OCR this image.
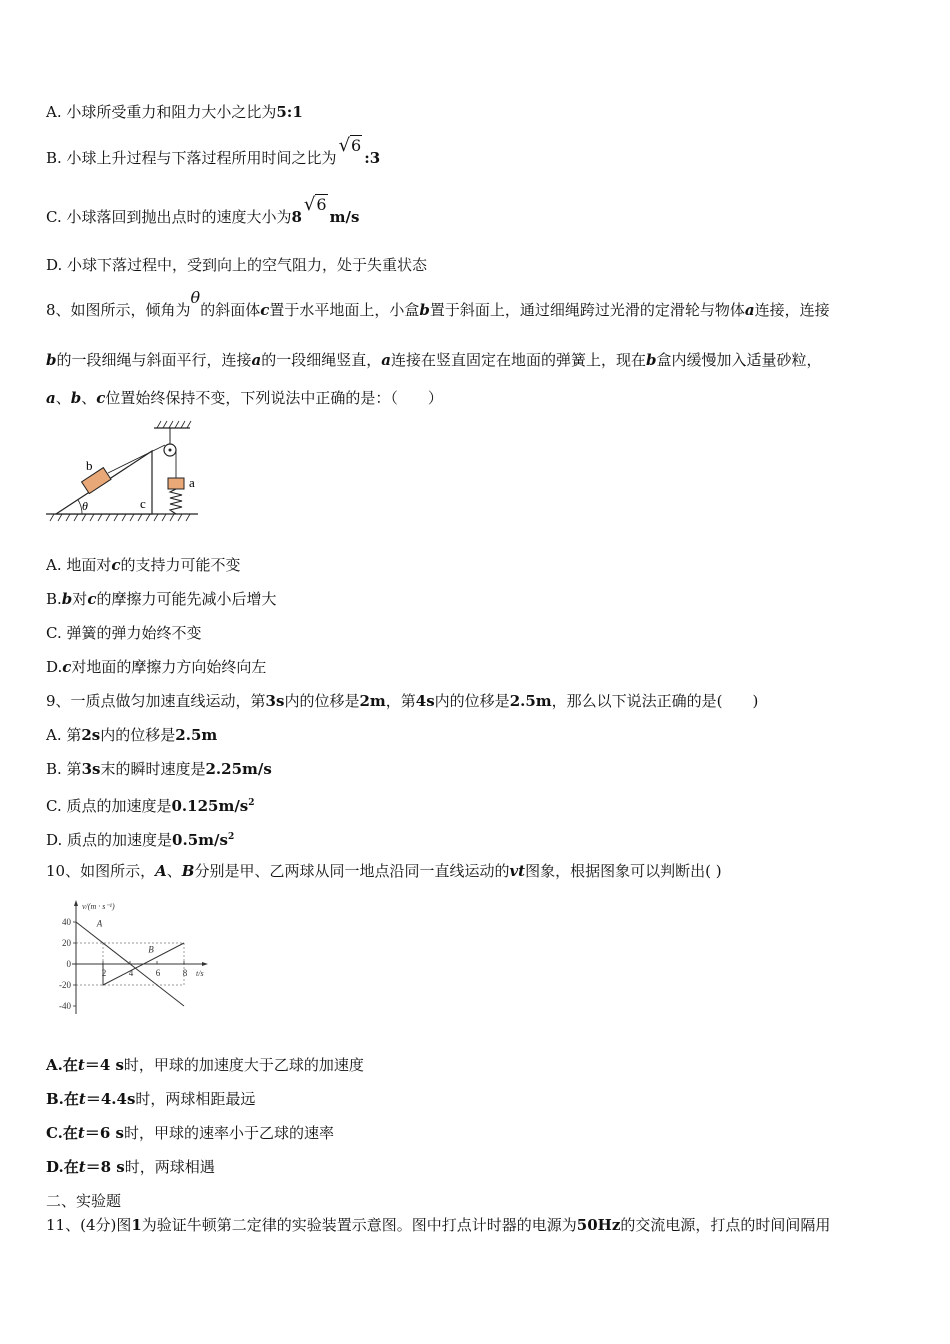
A. 小球所受重力和阻力大小之比为5:1
B. 小球上升过程与下落过程所用时间之比为√6:3
C. 小球落回到抛出点时的速度大小为8√6m/s
D. 小球下落过程中，受到向上的空气阻力，处于失重状态
8、如图所示，倾角为θ的斜面体c置于水平地面上，小盒b置于斜面上，通过细绳跨过光滑的定滑轮与物体a连接，连接
b的一段细绳与斜面平行，连接a的一段细绳竖直，a连接在竖直固定在地面的弹簧上，现在b盒内缓慢加入适量砂粒，
a、b、c位置始终保持不变，下列说法中正确的是：（　　）
θ	c
b
a
A. 地面对c的支持力可能不变
B.b对c的摩擦力可能先减小后增大
C. 弹簧的弹力始终不变
D.c对地面的摩擦力方向始终向左
9、一质点做匀加速直线运动，第3s内的位移是2m，第4s内的位移是2.5m，那么以下说法正确的是(　　)
A. 第2s内的位移是2.5m
B. 第3s末的瞬时速度是2.25m/s
C. 质点的加速度是$0.125m/s^2$
D. 质点的加速度是$0.5m/s^2$
10、如图所示，A、B分别是甲、乙两球从同一地点沿同一直线运动的vt图象，根据图象可以判断出( )
v/(m · s⁻¹)
t/s
40
20
0
-20
-40
2	4	6	8
A
B
A.在t＝4 s时，甲球的加速度大于乙球的加速度
B.在t＝4.4s时，两球相距最远
C.在t＝6 s时，甲球的速率小于乙球的速率
D.在t＝8 s时，两球相遇
二、实验题
11、(4分)图1为验证牛顿第二定律的实验装置示意图。图中打点计时器的电源为50Hz的交流电源，打点的时间间隔用
